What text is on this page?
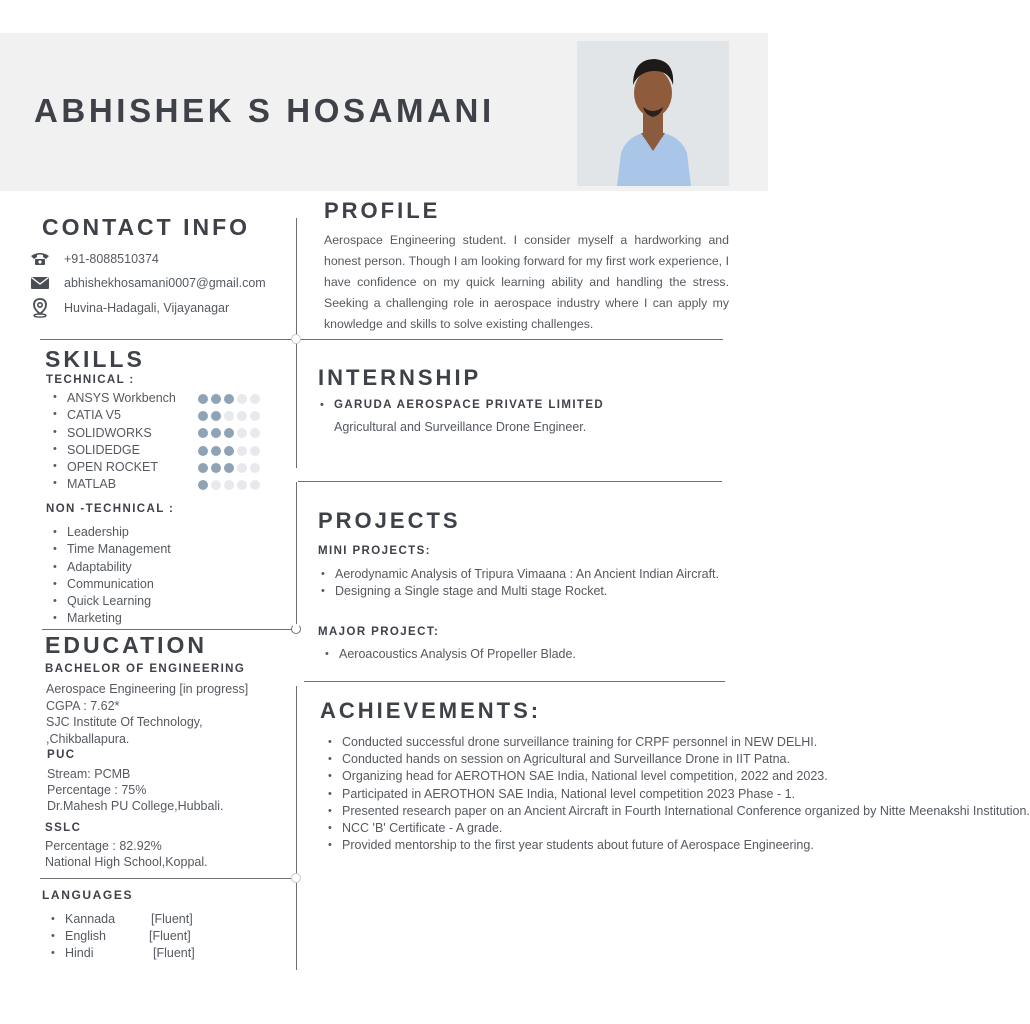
ABHISHEK S HOSAMANI
CONTACT INFO
+91-8088510374
abhishekhosamani0007@gmail.com
Huvina-Hadagali, Vijayanagar
PROFILE
Aerospace Engineering student. I consider myself a hardworking and honest person. Though I am looking forward for my first work experience, I have confidence on my quick learning ability and handling the stress. Seeking a challenging role in aerospace industry where I can apply my knowledge and skills to solve existing challenges.
SKILLS
TECHNICAL :
• ANSYS Workbench
• CATIA V5
• SOLIDWORKS
• SOLIDEDGE
• OPEN ROCKET
• MATLAB
NON -TECHNICAL :
• Leadership
• Time Management
• Adaptability
• Communication
• Quick Learning
• Marketing
INTERNSHIP
• GARUDA AEROSPACE PRIVATE LIMITED
Agricultural and Surveillance Drone Engineer.
PROJECTS
MINI PROJECTS:
• Aerodynamic Analysis of Tripura Vimaana : An Ancient Indian Aircraft.
• Designing a Single stage and Multi stage Rocket.
MAJOR PROJECT:
• Aeroacoustics Analysis Of Propeller Blade.
EDUCATION
BACHELOR OF ENGINEERING
Aerospace Engineering [in progress]
CGPA : 7.62*
SJC Institute Of Technology,
,Chikballapura.
PUC
Stream: PCMB
Percentage : 75%
Dr.Mahesh PU College,Hubbali.
SSLC
Percentage : 82.92%
National High School,Koppal.
ACHIEVEMENTS:
• Conducted successful drone surveillance training for CRPF personnel in NEW DELHI.
• Conducted hands on session on Agricultural and Surveillance Drone in IIT Patna.
• Organizing head for AEROTHON SAE India, National level competition, 2022 and 2023.
• Participated in AEROTHON SAE India, National level competition 2023 Phase - 1.
• Presented research paper on an Ancient Aircraft in Fourth International Conference organized by Nitte Meenakshi Institution.
• NCC 'B' Certificate - A grade.
• Provided mentorship to the first year students about future of Aerospace Engineering.
LANGUAGES
• Kannada	[Fluent]
• English	[Fluent]
• Hindi	[Fluent]
